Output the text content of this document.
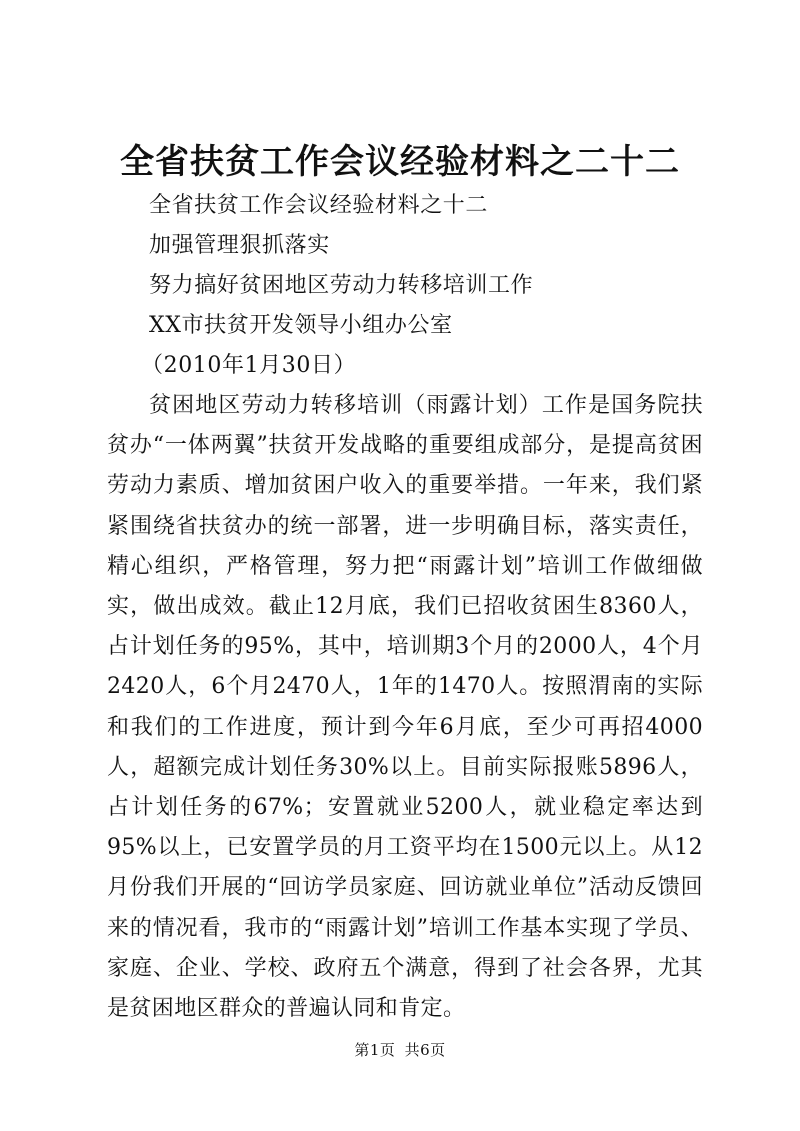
全省扶贫工作会议经验材料之二十二
全省扶贫工作会议经验材料之十二
加强管理狠抓落实
努力搞好贫困地区劳动力转移培训工作
XX市扶贫开发领导小组办公室
（2010年1月30日）

贫困地区劳动力转移培训（雨露计划）工作是国务院扶贫办“一体两翼”扶贫开发战略的重要组成部分，是提高贫困劳动力素质、增加贫困户收入的重要举措。一年来，我们紧紧围绕省扶贫办的统一部署，进一步明确目标，落实责任，精心组织，严格管理，努力把“雨露计划”培训工作做细做实，做出成效。截止12月底，我们已招收贫困生8360人，占计划任务的95%，其中，培训期3个月的2000人，4个月2420人，6个月2470人，1年的1470人。按照渭南的实际和我们的工作进度，预计到今年6月底，至少可再招4000人，超额完成计划任务30%以上。目前实际报账5896人，占计划任务的67%；安置就业5200人，就业稳定率达到95%以上，已安置学员的月工资平均在1500元以上。从12月份我们开展的“回访学员家庭、回访就业单位”活动反馈回来的情况看，我市的“雨露计划”培训工作基本实现了学员、家庭、企业、学校、政府五个满意，得到了社会各界，尤其是贫困地区群众的普遍认同和肯定。

第1页 共6页
